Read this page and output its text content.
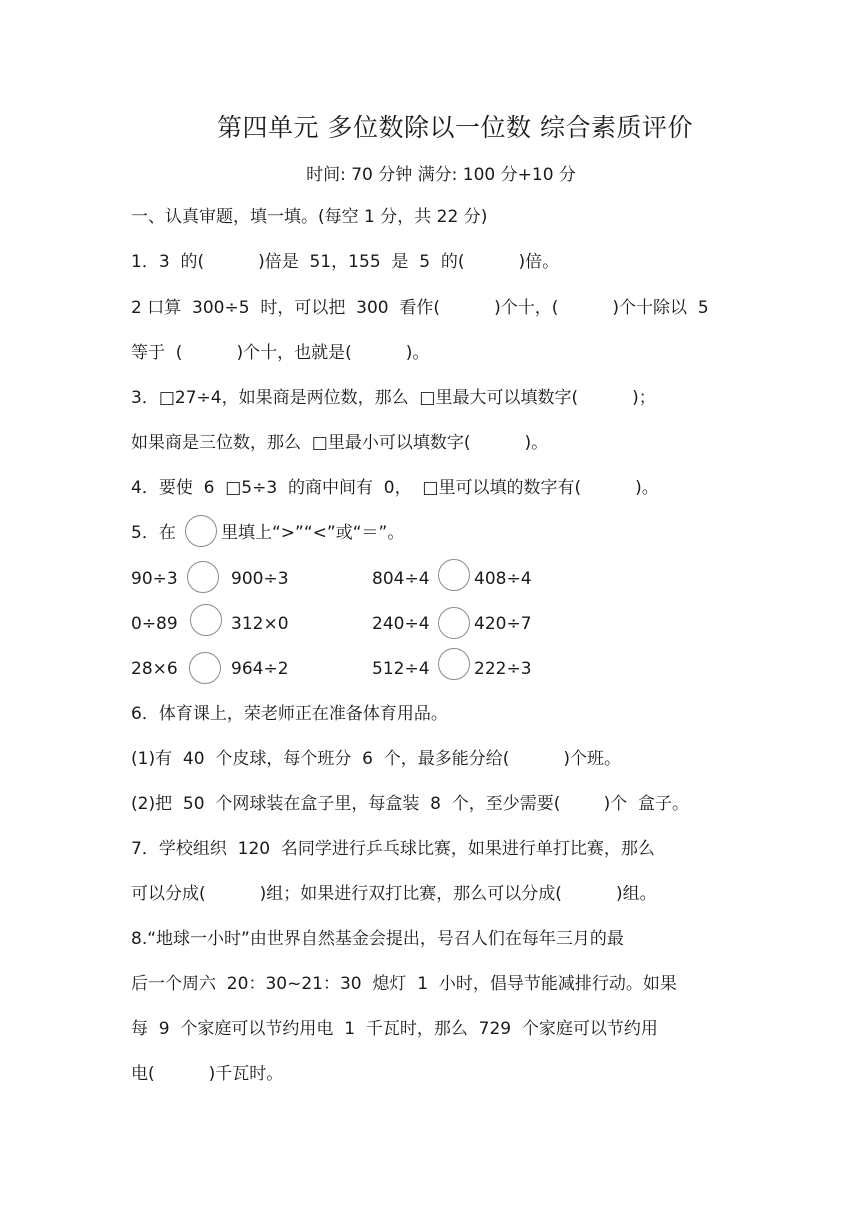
第四单元 多位数除以一位数 综合素质评价
时间: 70 分钟 满分: 100 分+10 分
一、认真审题，填一填。(每空 1 分，共 22 分)
1．3  的(          )倍是  51，155  是  5  的(          )倍。
2 口算  300÷5  时，可以把  300  看作(          )个十，(          )个十除以  5
等于  (          )个十，也就是(          )。
3．□27÷4，如果商是两位数，那么  □里最大可以填数字(          )；
如果商是三位数，那么  □里最小可以填数字(          )。
4．要使  6  □5÷3  的商中间有  0，  □里可以填的数字有(          )。
5．在	里填上“>”“<”或“＝”。
90÷3	900÷3	804÷4	408÷4
0÷89	312×0	240÷4	420÷7
28×6	964÷2	512÷4	222÷3
6．体育课上，荣老师正在准备体育用品。
(1)有  40  个皮球，每个班分  6  个，最多能分给(          )个班。
(2)把  50  个网球装在盒子里，每盒装  8  个，至少需要(        )个  盒子。
7．学校组织  120  名同学进行乒乓球比赛，如果进行单打比赛，那么
可以分成(          )组；如果进行双打比赛，那么可以分成(          )组。
8.“地球一小时”由世界自然基金会提出，号召人们在每年三月的最
后一个周六  20：30~21：30  熄灯  1  小时，倡导节能减排行动。如果
每  9  个家庭可以节约用电  1  千瓦时，那么  729  个家庭可以节约用
电(          )千瓦时。
